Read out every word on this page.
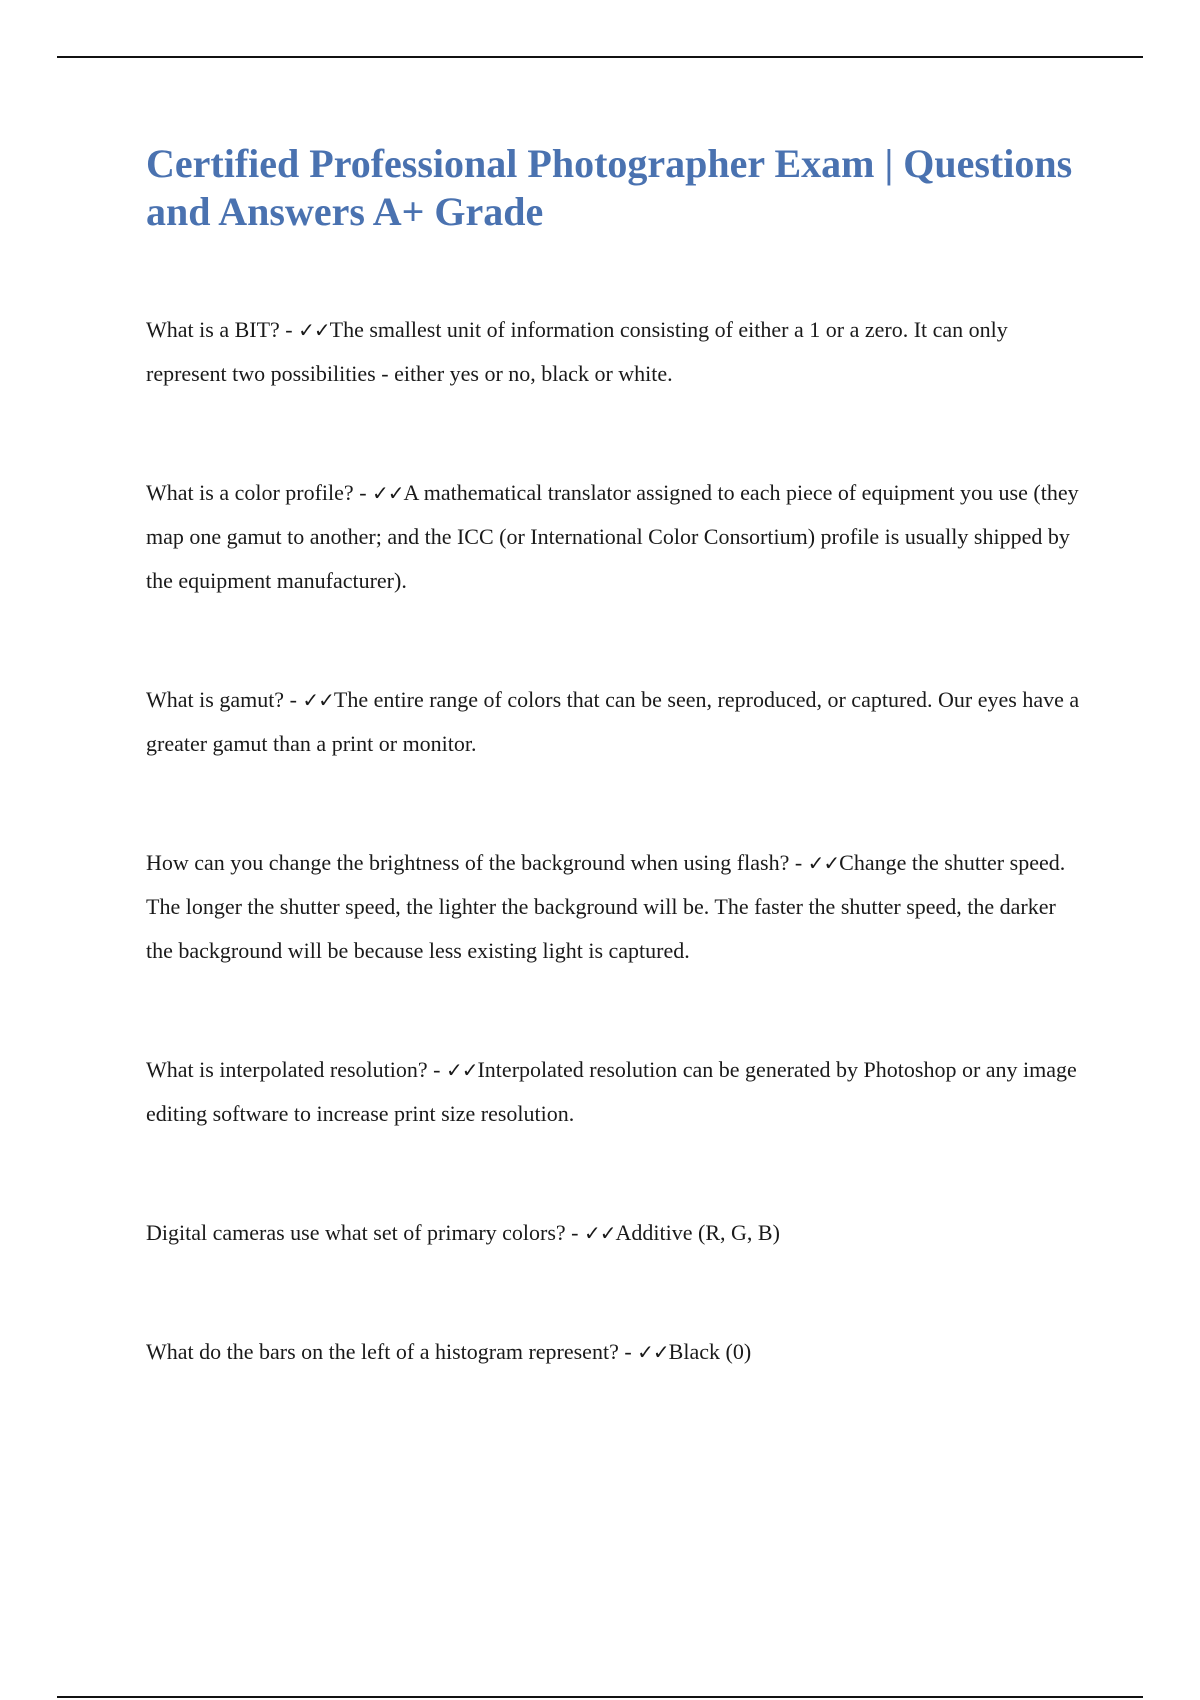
Certified Professional Photographer Exam | Questions and Answers A+ Grade

What is a BIT? - ✓✓The smallest unit of information consisting of either a 1 or a zero. It can only represent two possibilities - either yes or no, black or white.

What is a color profile? - ✓✓A mathematical translator assigned to each piece of equipment you use (they map one gamut to another; and the ICC (or International Color Consortium) profile is usually shipped by the equipment manufacturer).

What is gamut? - ✓✓The entire range of colors that can be seen, reproduced, or captured. Our eyes have a greater gamut than a print or monitor.

How can you change the brightness of the background when using flash? - ✓✓Change the shutter speed. The longer the shutter speed, the lighter the background will be. The faster the shutter speed, the darker the background will be because less existing light is captured.

What is interpolated resolution? - ✓✓Interpolated resolution can be generated by Photoshop or any image editing software to increase print size resolution.

Digital cameras use what set of primary colors? - ✓✓Additive (R, G, B)

What do the bars on the left of a histogram represent? - ✓✓Black (0)
